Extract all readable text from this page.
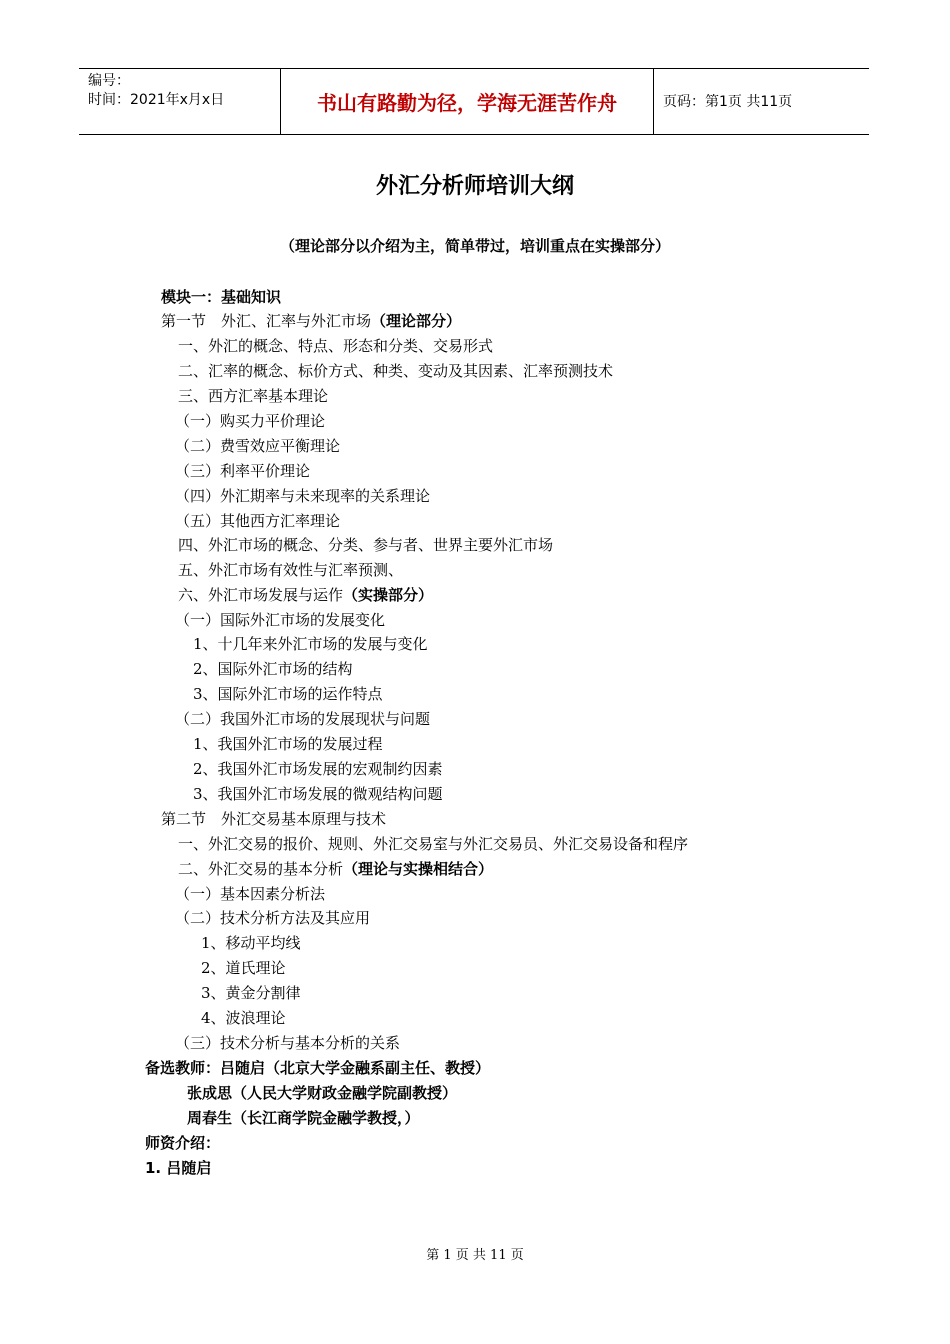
编号：
时间：2021年x月x日	书山有路勤为径，学海无涯苦作舟	页码：第1页 共11页
外汇分析师培训大纲
（理论部分以介绍为主，简单带过，培训重点在实操部分）
模块一：基础知识
第一节　外汇、汇率与外汇市场（理论部分）
一、外汇的概念、特点、形态和分类、交易形式
二、汇率的概念、标价方式、种类、变动及其因素、汇率预测技术
三、西方汇率基本理论
（一）购买力平价理论
（二）费雪效应平衡理论
（三）利率平价理论
（四）外汇期率与未来现率的关系理论
（五）其他西方汇率理论
四、外汇市场的概念、分类、参与者、世界主要外汇市场
五、外汇市场有效性与汇率预测、
六、外汇市场发展与运作（实操部分）
（一）国际外汇市场的发展变化
1、十几年来外汇市场的发展与变化
2、国际外汇市场的结构
3、国际外汇市场的运作特点
（二）我国外汇市场的发展现状与问题
1、我国外汇市场的发展过程
2、我国外汇市场发展的宏观制约因素
3、我国外汇市场发展的微观结构问题
第二节　外汇交易基本原理与技术
一、外汇交易的报价、规则、外汇交易室与外汇交易员、外汇交易设备和程序
二、外汇交易的基本分析（理论与实操相结合）
（一）基本因素分析法
（二）技术分析方法及其应用
1、移动平均线
2、道氏理论
3、黄金分割律
4、波浪理论
（三）技术分析与基本分析的关系
备选教师：吕随启（北京大学金融系副主任、教授）
张成思（人民大学财政金融学院副教授）
周春生（长江商学院金融学教授，）
师资介绍：
1. 吕随启
第 1 页 共 11 页
